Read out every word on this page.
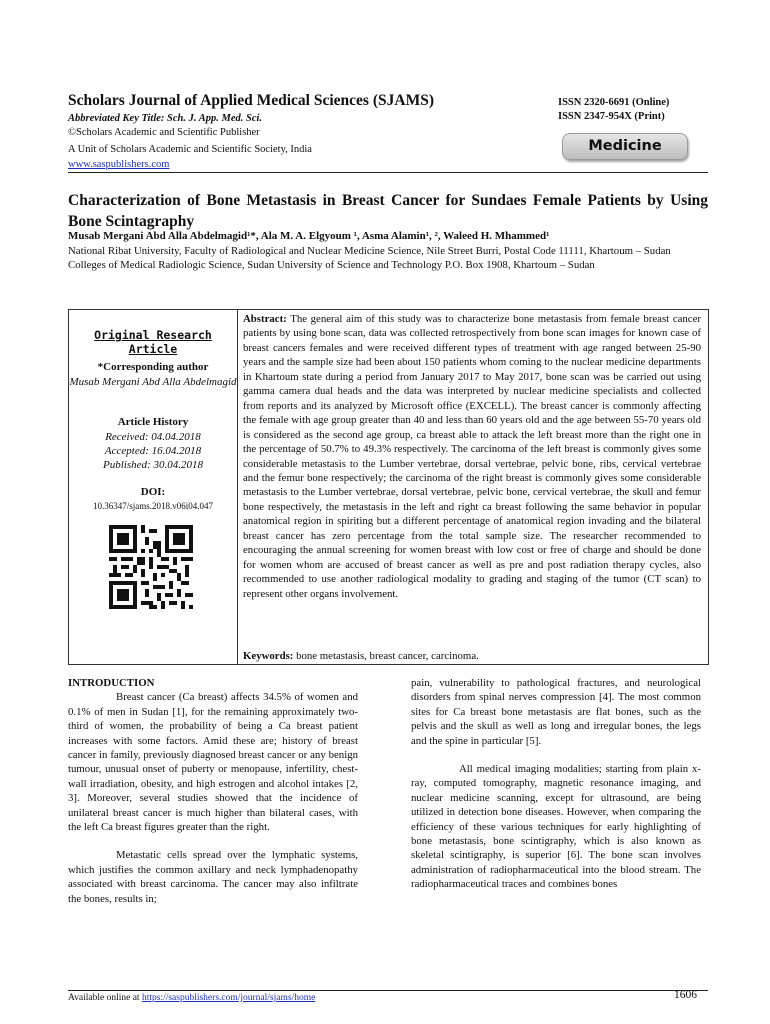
Scholars Journal of Applied Medical Sciences (SJAMS)
Abbreviated Key Title: Sch. J. App. Med. Sci.
©Scholars Academic and Scientific Publisher
A Unit of Scholars Academic and Scientific Society, India
www.saspublishers.com
ISSN 2320-6691 (Online)
ISSN 2347-954X (Print)
Medicine
Characterization of Bone Metastasis in Breast Cancer for Sundaes Female Patients by Using Bone Scintagraphy
Musab Mergani Abd Alla Abdelmagid¹*, Ala M. A. Elgyoum ¹, Asma Alamin¹, ², Waleed H. Mhammed¹
National Ribat University, Faculty of Radiological and Nuclear Medicine Science, Nile Street Burri, Postal Code 11111, Khartoum – Sudan
Colleges of Medical Radiologic Science, Sudan University of Science and Technology P.O. Box 1908, Khartoum – Sudan
Original Research Article
*Corresponding author
Musab Mergani Abd Alla Abdelmagid
Article History
Received: 04.04.2018
Accepted: 16.04.2018
Published: 30.04.2018
DOI:
10.36347/sjams.2018.v06i04.047
Abstract: The general aim of this study was to characterize bone metastasis from female breast cancer patients by using bone scan, data was collected retrospectively from bone scan images for known case of breast cancers females and were received different types of treatment with age ranged between 25-90 years and the sample size had been about 150 patients whom coming to the nuclear medicine departments in Khartoum state during a period from January 2017 to May 2017, bone scan was be carried out using gamma camera dual heads and the data was interpreted by nuclear medicine specialists and collected from reports and its analyzed by Microsoft office (EXCELL). The breast cancer is commonly affecting the female with age group greater than 40 and less than 60 years old and the age between 55-70 years old is considered as the second age group, ca breast able to attack the left breast more than the right one in the percentage of 50.7% to 49.3% respectively. The carcinoma of the left breast is commonly gives some considerable metastasis to the Lumber vertebrae, dorsal vertebrae, pelvic bone, ribs, cervical vertebrae and the femur bone respectively; the carcinoma of the right breast is commonly gives some considerable metastasis to the Lumber vertebrae, dorsal vertebrae, pelvic bone, cervical vertebrae, the skull and femur bone respectively, the metastasis in the left and right ca breast following the same behavior in popular anatomical region in spiriting but a different percentage of anatomical region invading and the bilateral breast cancer has zero percentage from the total sample size. The researcher recommended to encouraging the annual screening for women breast with low cost or free of charge and should be done for women whom are accused of breast cancer as well as pre and post radiation therapy cycles, also recommended to use another radiological modality to grading and staging of the tumor (CT scan) to represent other organs involvement.
Keywords: bone metastasis, breast cancer, carcinoma.

INTRODUCTION

Breast cancer (Ca breast) affects 34.5% of women and 0.1% of men in Sudan [1], for the remaining approximately two-third of women, the probability of being a Ca breast patient increases with some factors. Amid these are; history of breast cancer in family, previously diagnosed breast cancer or any benign tumour, unusual onset of puberty or menopause, infertility, chest-wall irradiation, obesity, and high estrogen and alcohol intakes [2, 3]. Moreover, several studies showed that the incidence of unilateral breast cancer is much higher than bilateral cases, with the left Ca breast figures greater than the right.

Metastatic cells spread over the lymphatic systems, which justifies the common axillary and neck lymphadenopathy associated with breast carcinoma. The cancer may also infiltrate the bones, results in;

pain, vulnerability to pathological fractures, and neurological disorders from spinal nerves compression [4]. The most common sites for Ca breast bone metastasis are flat bones, such as the pelvis and the skull as well as long and irregular bones, the legs and the spine in particular [5].

All medical imaging modalities; starting from plain x-ray, computed tomography, magnetic resonance imaging, and nuclear medicine scanning, except for ultrasound, are being utilized in detection bone diseases. However, when comparing the efficiency of these various techniques for early highlighting of bone metastasis, bone scintigraphy, which is also known as skeletal scintigraphy, is superior [6]. The bone scan involves administration of radiopharmaceutical into the blood stream. The radiopharmaceutical traces and combines bones

Available online at https://saspublishers.com/journal/sjams/home	1606
